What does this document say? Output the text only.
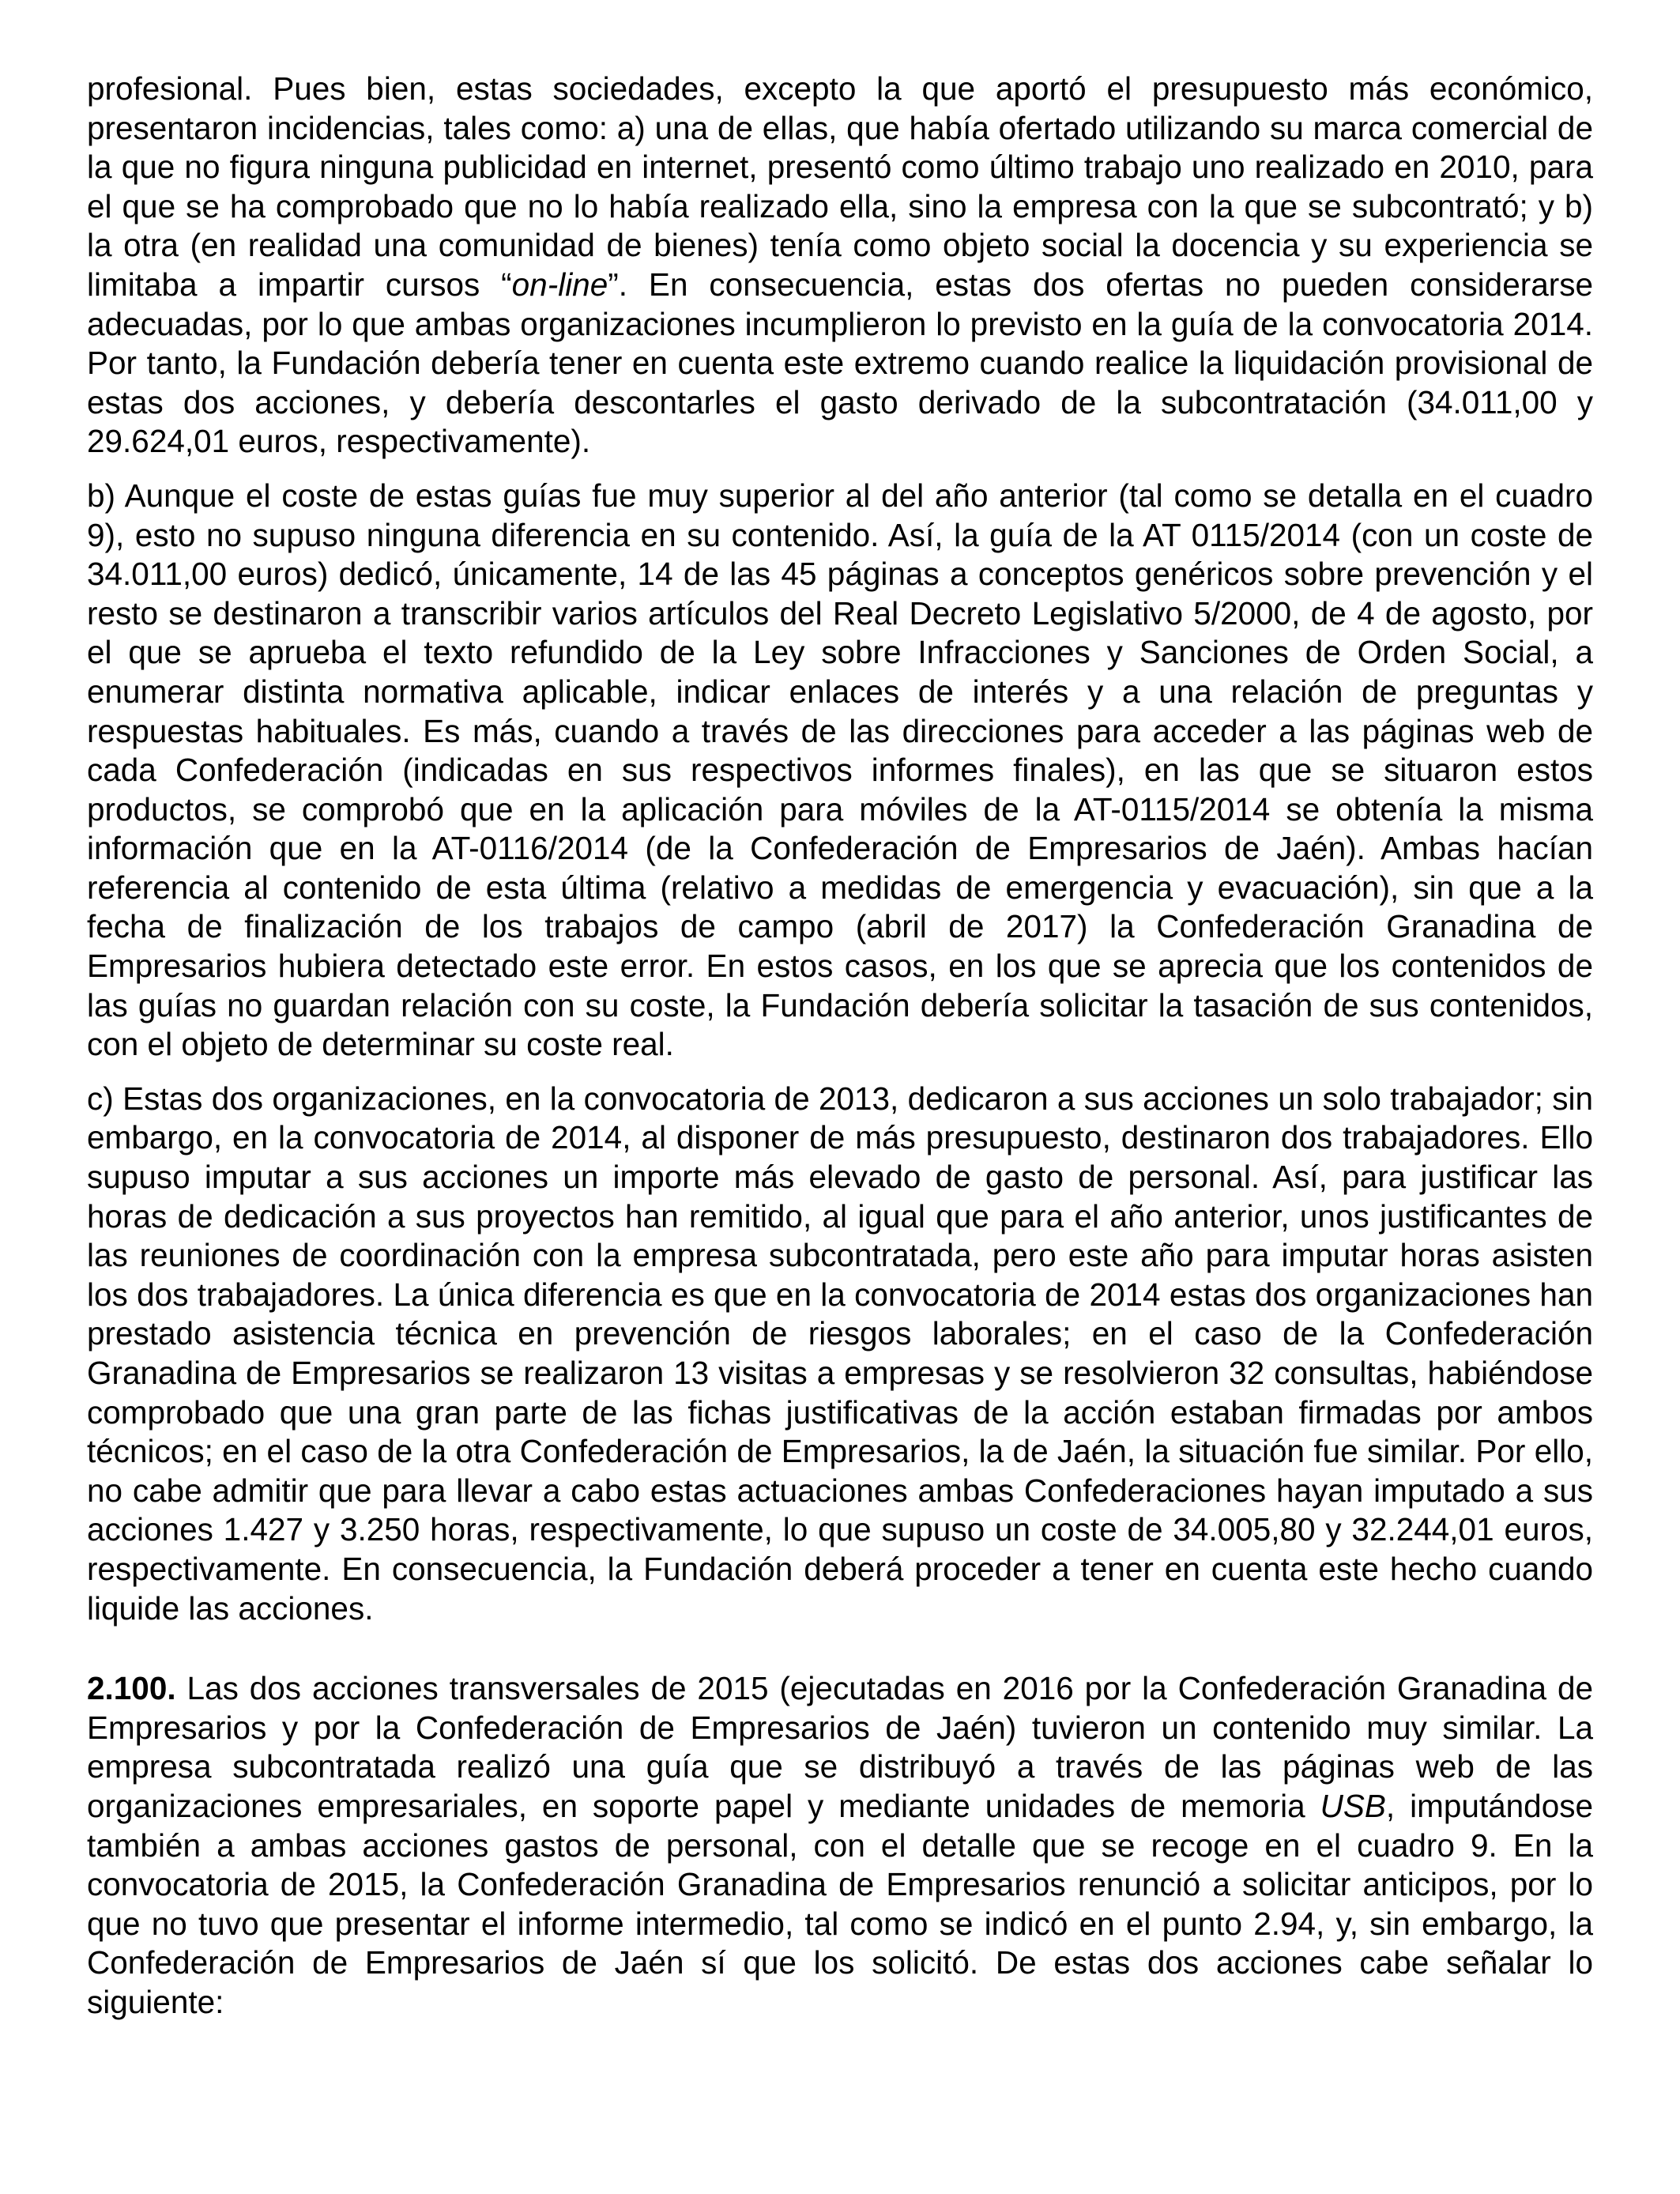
profesional. Pues bien, estas sociedades, excepto la que aportó el presupuesto más económico, presentaron incidencias, tales como: a) una de ellas, que había ofertado utilizando su marca comercial de la que no figura ninguna publicidad en internet, presentó como último trabajo uno realizado en 2010, para el que se ha comprobado que no lo había realizado ella, sino la empresa con la que se subcontrató; y b) la otra (en realidad una comunidad de bienes) tenía como objeto social la docencia y su experiencia se limitaba a impartir cursos “on-line”. En consecuencia, estas dos ofertas no pueden considerarse adecuadas, por lo que ambas organizaciones incumplieron lo previsto en la guía de la convocatoria 2014. Por tanto, la Fundación debería tener en cuenta este extremo cuando realice la liquidación provisional de estas dos acciones, y debería descontarles el gasto derivado de la subcontratación (34.011,00 y 29.624,01 euros, respectivamente).

b) Aunque el coste de estas guías fue muy superior al del año anterior (tal como se detalla en el cuadro 9), esto no supuso ninguna diferencia en su contenido. Así, la guía de la AT 0115/2014 (con un coste de 34.011,00 euros) dedicó, únicamente, 14 de las 45 páginas a conceptos genéricos sobre prevención y el resto se destinaron a transcribir varios artículos del Real Decreto Legislativo 5/2000, de 4 de agosto, por el que se aprueba el texto refundido de la Ley sobre Infracciones y Sanciones de Orden Social, a enumerar distinta normativa aplicable, indicar enlaces de interés y a una relación de preguntas y respuestas habituales. Es más, cuando a través de las direcciones para acceder a las páginas web de cada Confederación (indicadas en sus respectivos informes finales), en las que se situaron estos productos, se comprobó que en la aplicación para móviles de la AT-0115/2014 se obtenía la misma información que en la AT-0116/2014 (de la Confederación de Empresarios de Jaén). Ambas hacían referencia al contenido de esta última (relativo a medidas de emergencia y evacuación), sin que a la fecha de finalización de los trabajos de campo (abril de 2017) la Confederación Granadina de Empresarios hubiera detectado este error. En estos casos, en los que se aprecia que los contenidos de las guías no guardan relación con su coste, la Fundación debería solicitar la tasación de sus contenidos, con el objeto de determinar su coste real.

c) Estas dos organizaciones, en la convocatoria de 2013, dedicaron a sus acciones un solo trabajador; sin embargo, en la convocatoria de 2014, al disponer de más presupuesto, destinaron dos trabajadores. Ello supuso imputar a sus acciones un importe más elevado de gasto de personal. Así, para justificar las horas de dedicación a sus proyectos han remitido, al igual que para el año anterior, unos justificantes de las reuniones de coordinación con la empresa subcontratada, pero este año para imputar horas asisten los dos trabajadores. La única diferencia es que en la convocatoria de 2014 estas dos organizaciones han prestado asistencia técnica en prevención de riesgos laborales; en el caso de la Confederación Granadina de Empresarios se realizaron 13 visitas a empresas y se resolvieron 32 consultas, habiéndose comprobado que una gran parte de las fichas justificativas de la acción estaban firmadas por ambos técnicos; en el caso de la otra Confederación de Empresarios, la de Jaén, la situación fue similar. Por ello, no cabe admitir que para llevar a cabo estas actuaciones ambas Confederaciones hayan imputado a sus acciones 1.427 y 3.250 horas, respectivamente, lo que supuso un coste de 34.005,80 y 32.244,01 euros, respectivamente. En consecuencia, la Fundación deberá proceder a tener en cuenta este hecho cuando liquide las acciones.

2.100. Las dos acciones transversales de 2015 (ejecutadas en 2016 por la Confederación Granadina de Empresarios y por la Confederación de Empresarios de Jaén) tuvieron un contenido muy similar. La empresa subcontratada realizó una guía que se distribuyó a través de las páginas web de las organizaciones empresariales, en soporte papel y mediante unidades de memoria USB, imputándose también a ambas acciones gastos de personal, con el detalle que se recoge en el cuadro 9. En la convocatoria de 2015, la Confederación Granadina de Empresarios renunció a solicitar anticipos, por lo que no tuvo que presentar el informe intermedio, tal como se indicó en el punto 2.94, y, sin embargo, la Confederación de Empresarios de Jaén sí que los solicitó. De estas dos acciones cabe señalar lo siguiente:
